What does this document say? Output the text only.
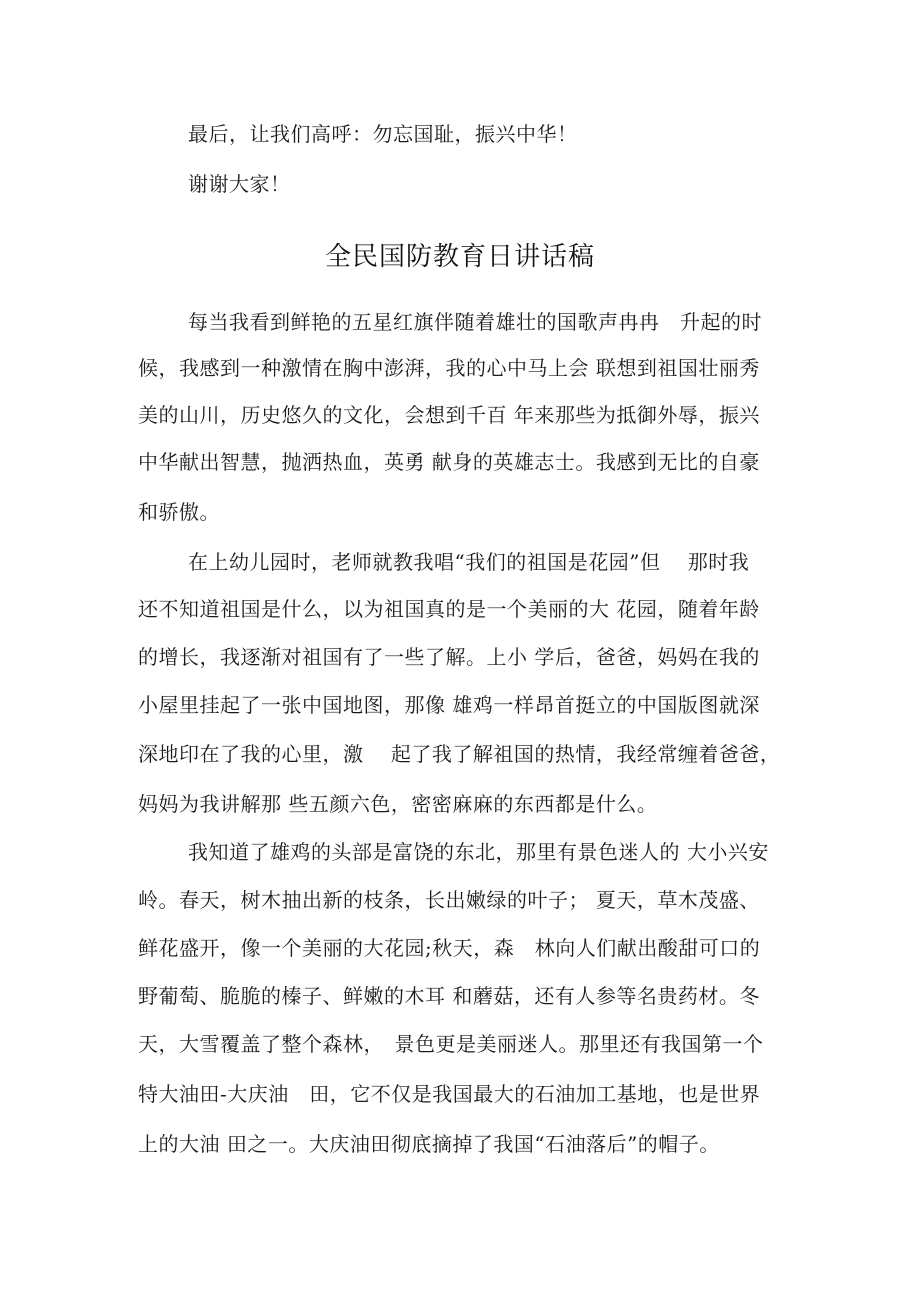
最后，让我们高呼：勿忘国耻，振兴中华！
谢谢大家！
全民国防教育日讲话稿
每当我看到鲜艳的五星红旗伴随着雄壮的国歌声冉冉　升起的时
候，我感到一种激情在胸中澎湃，我的心中马上会 联想到祖国壮丽秀
美的山川，历史悠久的文化，会想到千百 年来那些为抵御外辱，振兴
中华献出智慧，抛洒热血，英勇 献身的英雄志士。我感到无比的自豪
和骄傲。
在上幼儿园时，老师就教我唱“我们的祖国是花园”但　 那时我
还不知道祖国是什么，以为祖国真的是一个美丽的大 花园，随着年龄
的增长，我逐渐对祖国有了一些了解。上小 学后，爸爸，妈妈在我的
小屋里挂起了一张中国地图，那像 雄鸡一样昂首挺立的中国版图就深
深地印在了我的心里，激　 起了我了解祖国的热情，我经常缠着爸爸，
妈妈为我讲解那 些五颜六色，密密麻麻的东西都是什么。
我知道了雄鸡的头部是富饶的东北，那里有景色迷人的 大小兴安
岭。春天，树木抽出新的枝条，长出嫩绿的叶子； 夏天，草木茂盛、
鲜花盛开，像一个美丽的大花园;秋天，森　林向人们献出酸甜可口的
野葡萄、脆脆的榛子、鲜嫩的木耳 和蘑菇，还有人参等名贵药材。冬
天，大雪覆盖了整个森林，　景色更是美丽迷人。那里还有我国第一个
特大油田-大庆油　田，它不仅是我国最大的石油加工基地，也是世界
上的大油 田之一。大庆油田彻底摘掉了我国“石油落后”的帽子。
